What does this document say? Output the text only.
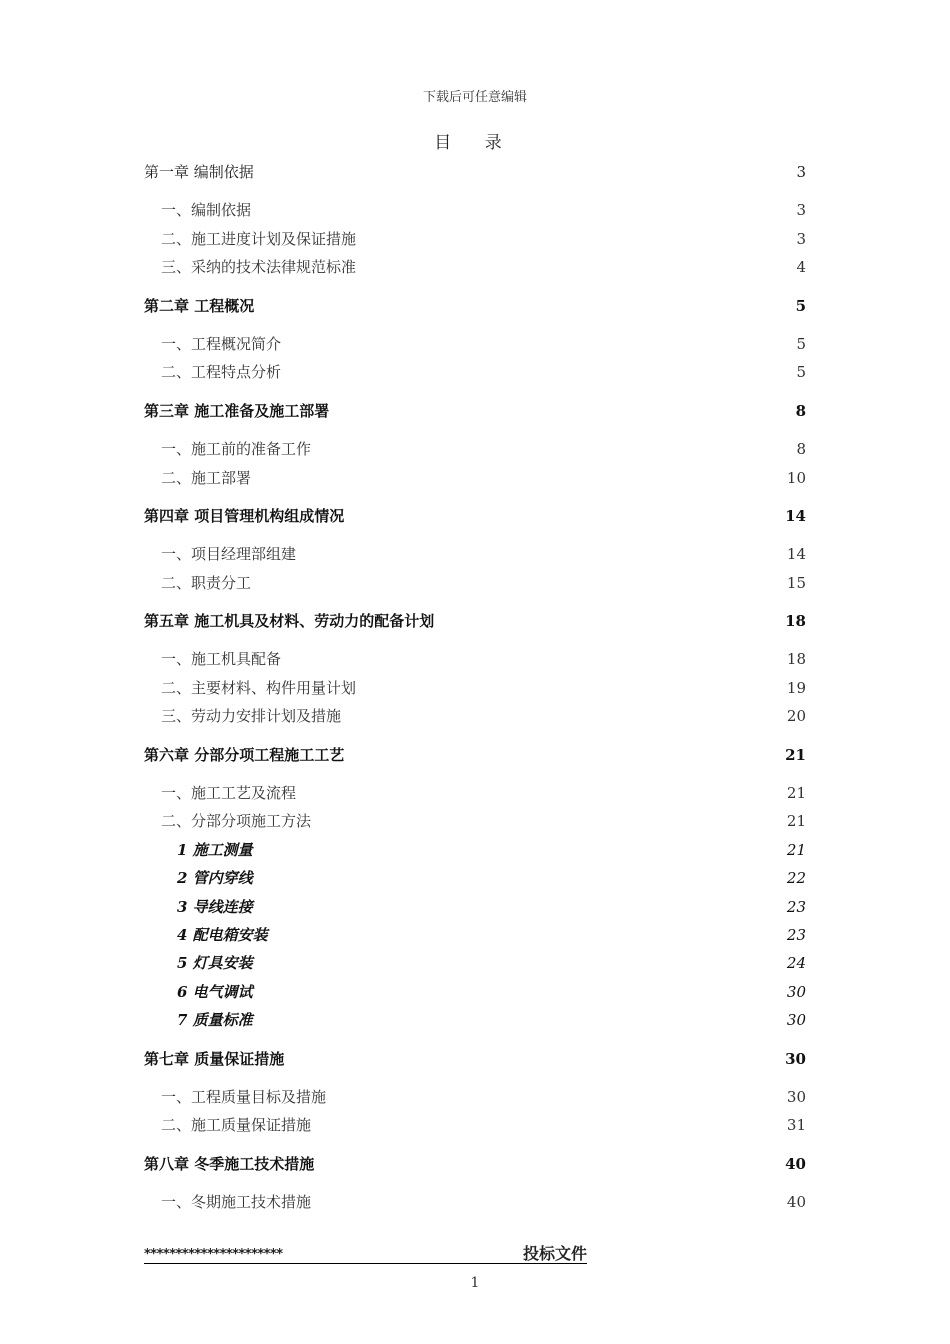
下载后可任意编辑
目 录
第一章 编制依据	3
一、编制依据	3
二、施工进度计划及保证措施	3
三、采纳的技术法律规范标准	4
第二章 工程概况	5
一、工程概况简介	5
二、工程特点分析	5
第三章 施工准备及施工部署	8
一、施工前的准备工作	8
二、施工部署	10
第四章 项目管理机构组成情况	14
一、项目经理部组建	14
二、职责分工	15
第五章 施工机具及材料、劳动力的配备计划	18
一、施工机具配备	18
二、主要材料、构件用量计划	19
三、劳动力安排计划及措施	20
第六章 分部分项工程施工工艺	21
一、施工工艺及流程	21
二、分部分项施工方法	21
1 施工测量	21
2 管内穿线	22
3 导线连接	23
4 配电箱安装	23
5 灯具安装	24
6 电气调试	30
7 质量标准	30
第七章 质量保证措施	30
一、工程质量目标及措施	30
二、施工质量保证措施	31
第八章 冬季施工技术措施	40
一、冬期施工技术措施	40
**********************	投标文件
1
